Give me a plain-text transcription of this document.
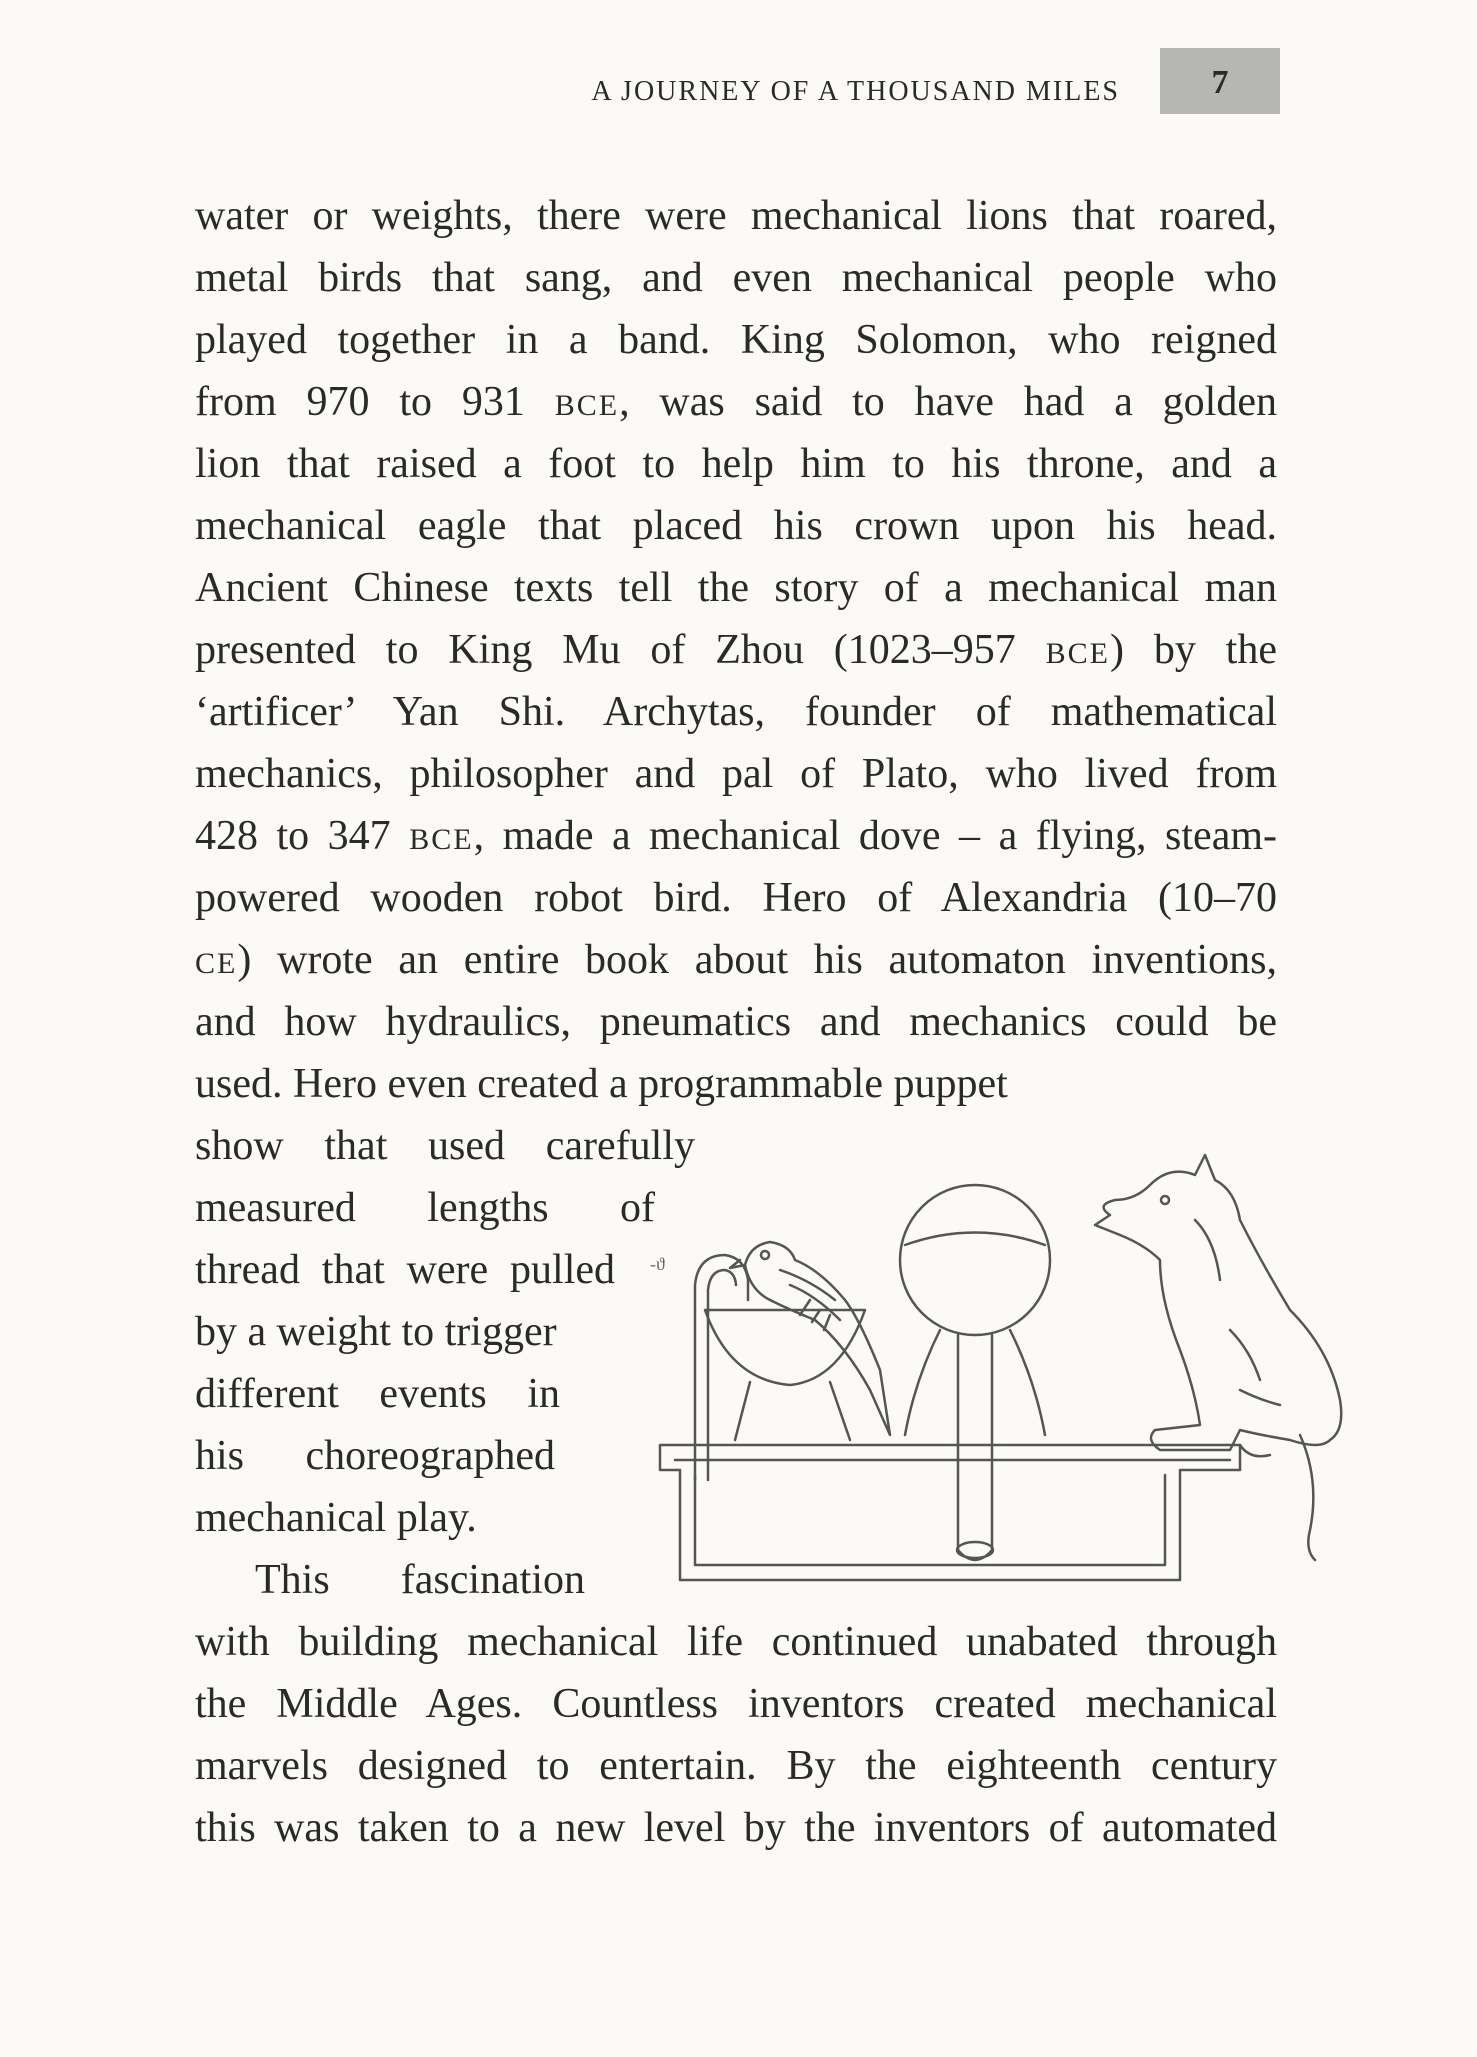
A JOURNEY OF A THOUSAND MILES	7
water or weights, there were mechanical lions that roared,
metal birds that sang, and even mechanical people who
played together in a band. King Solomon, who reigned
from 970 to 931 BCE, was said to have had a golden
lion that raised a foot to help him to his throne, and a
mechanical eagle that placed his crown upon his head.
Ancient Chinese texts tell the story of a mechanical man
presented to King Mu of Zhou (1023–957 BCE) by the
‘artificer’ Yan Shi. Archytas, founder of mathematical
mechanics, philosopher and pal of Plato, who lived from
428 to 347 BCE, made a mechanical dove – a flying, steam-
powered wooden robot bird. Hero of Alexandria (10–70
CE) wrote an entire book about his automaton inventions,
and how hydraulics, pneumatics and mechanics could be
used. Hero even created a programmable puppet
show that used carefully
measured lengths of
thread that were pulled
by a weight to trigger
different events in
his choreographed
mechanical play.
This fascination
with building mechanical life continued unabated through
the Middle Ages. Countless inventors created mechanical
marvels designed to entertain. By the eighteenth century
this was taken to a new level by the inventors of automated
-ϑ
